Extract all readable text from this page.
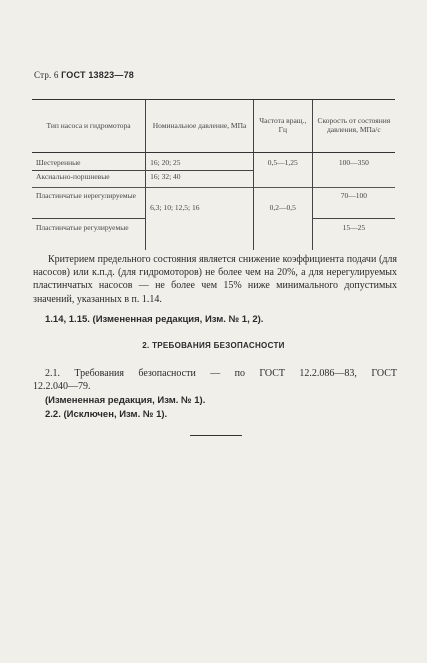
Стр. 6 ГОСТ 13823—78
Тип насоса и гидромотора	Номинальное давление, МПа	Частота вращ., Гц	Скорость от состояния давления, МПа/с
Шестеренные	16; 20; 25	0,5—1,25	100—350
Аксиально-поршневые	16; 32; 40		
Пластинчатые нерегулируемые	6,3; 10; 12,5; 16	0,2—0,5	70—100
Пластинчатые регулируемые			15—25
Критерием предельного состояния является снижение коэффициента подачи (для насосов) или к.п.д. (для гидромоторов) не более чем на 20%, а для нерегулируемых пластинчатых насосов — не более чем 15% ниже минимального допустимых значений, указанных в п. 1.14.
1.14, 1.15. (Измененная редакция, Изм. № 1, 2).
2. ТРЕБОВАНИЯ БЕЗОПАСНОСТИ
2.1. Требования безопасности — по ГОСТ 12.2.086—83, ГОСТ
12.2.040—79.
(Измененная редакция, Изм. № 1).
2.2. (Исключен, Изм. № 1).
